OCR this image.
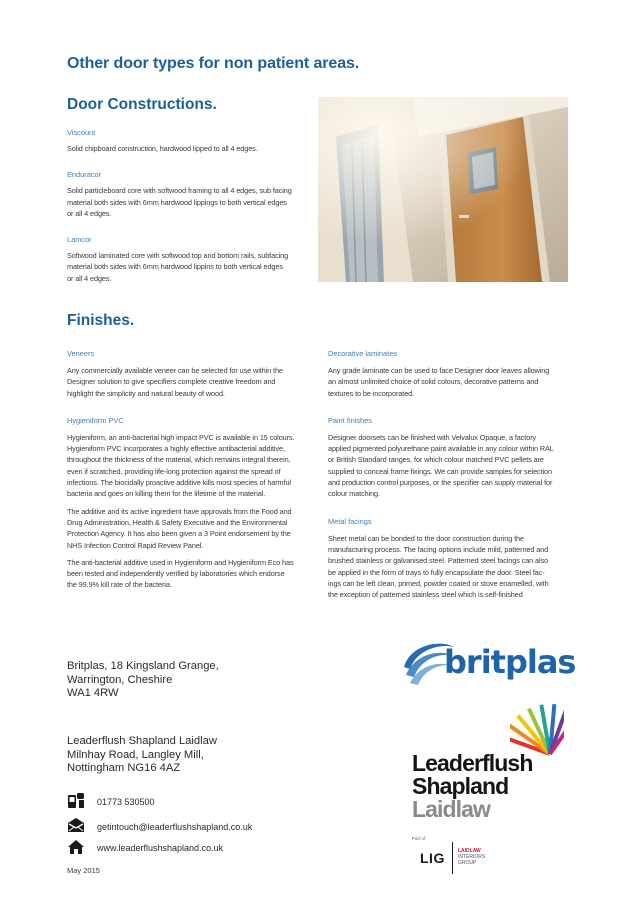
Other door types for non patient areas.
Door Constructions.
Viscount
Solid chipboard construction, hardwood lipped to all 4 edges.
Enduracor
Solid particleboard core with softwood framing to all 4 edges, sub facing
material both sides with 6mm hardwood lippings to both vertical edges
or all 4 edges.
Lamcor
Softwood laminated core with softwood top and bottom rails, subfacing
material both sides with 6mm hardwood lippins to both vertical edges
or all 4 edges.
Finishes.
Veneers
Any commercially available veneer can be selected for use within the
Designer solution to give specifiers complete creative freedom and
highlight the simplicity and natural beauty of wood.
Hygieniform PVC
Hygieniform, an anti-bacterial high impact PVC is available in 15 colours.
Hygieniform PVC incorporates a highly effective antibacterial additive,
throughout the thickness of the material, which remains integral therein,
even if scratched, providing life-long protection against the spread of
infections. The biocidally proactive additive kills most species of harmful
bacteria and goes on killing them for the lifetime of the material.
The additive and its active ingredient have approvals from the Food and
Drug Administration, Health & Safety Executive and the Environmental
Protection Agency. It has also been given a 3 Point endorsement by the
NHS Infection Control Rapid Review Panel.
The anti-bacterial additive used in Hygieniform and Hygieniform Eco has
been tested and independently verified by laboratories which endorse
the 99.9% kill rate of the bacteria.
Decorative laminates
Any grade laminate can be used to face Designer door leaves allowing
an almost unlimited choice of solid colours, decorative patterns and
textures to be incorporated.
Paint finishes
Designer doorsets can be finished with Velvalux Opaque, a factory
applied pigmented polyurethane paint available in any colour within RAL
or British Standard ranges, for which colour matched PVC pellets are
supplied to conceal frame fixings. We can provide samples for selection
and production control purposes, or the specifier can supply material for
colour matching.
Metal facings
Sheet metal can be bonded to the door construction during the
manufacturing process. The facing options include mild, patterned and
brushed stainless or galvanised steel. Patterned steel facings can also
be applied in the form of trays to fully encapsulate the door. Steel fac-
ings can be left clean, primed, powder coated or stove enamelled, with
the exception of patterned stainless steel which is self-finished
Britplas, 18 Kingsland Grange,
Warrington, Cheshire
WA1 4RW
Leaderflush Shapland Laidlaw
Milnhay Road, Langley Mill,
Nottingham NG16 4AZ
01773 530500
getintouch@leaderflushshapland.co.uk
www.leaderflushshapland.co.uk
May 2015
britplas
Leaderflush
Shapland
Laidlaw
Part of
LIG	LAIDLAW
INTERIORS
GROUP
